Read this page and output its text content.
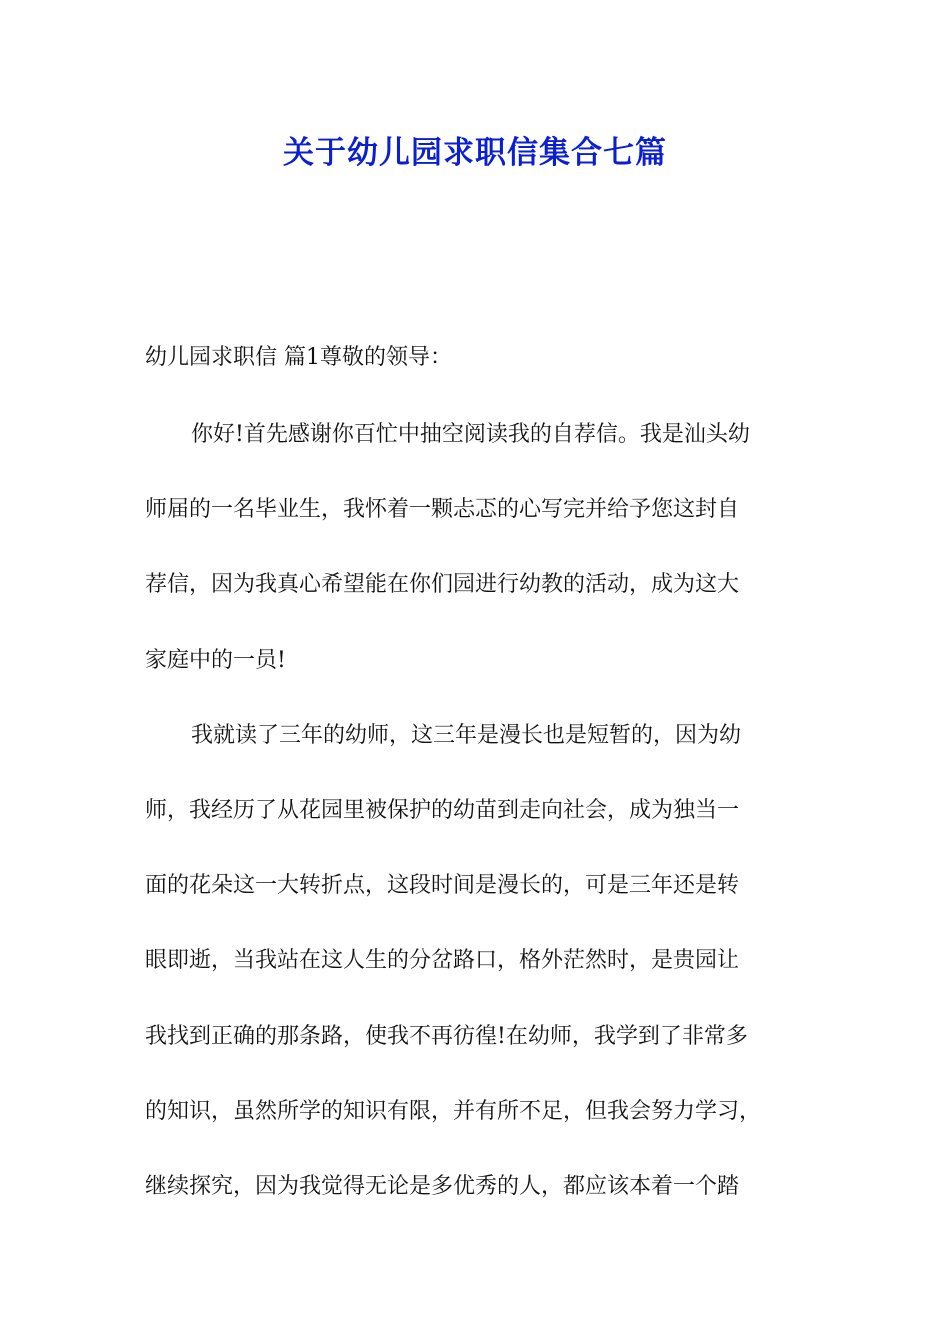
关于幼儿园求职信集合七篇
幼儿园求职信 篇1尊敬的领导：
你好!首先感谢你百忙中抽空阅读我的自荐信。我是汕头幼
师届的一名毕业生，我怀着一颗忐忑的心写完并给予您这封自
荐信，因为我真心希望能在你们园进行幼教的活动，成为这大
家庭中的一员!
我就读了三年的幼师，这三年是漫长也是短暂的，因为幼
师，我经历了从花园里被保护的幼苗到走向社会，成为独当一
面的花朵这一大转折点，这段时间是漫长的，可是三年还是转
眼即逝，当我站在这人生的分岔路口，格外茫然时，是贵园让
我找到正确的那条路，使我不再彷徨!在幼师，我学到了非常多
的知识，虽然所学的知识有限，并有所不足，但我会努力学习，
继续探究，因为我觉得无论是多优秀的人，都应该本着一个踏
